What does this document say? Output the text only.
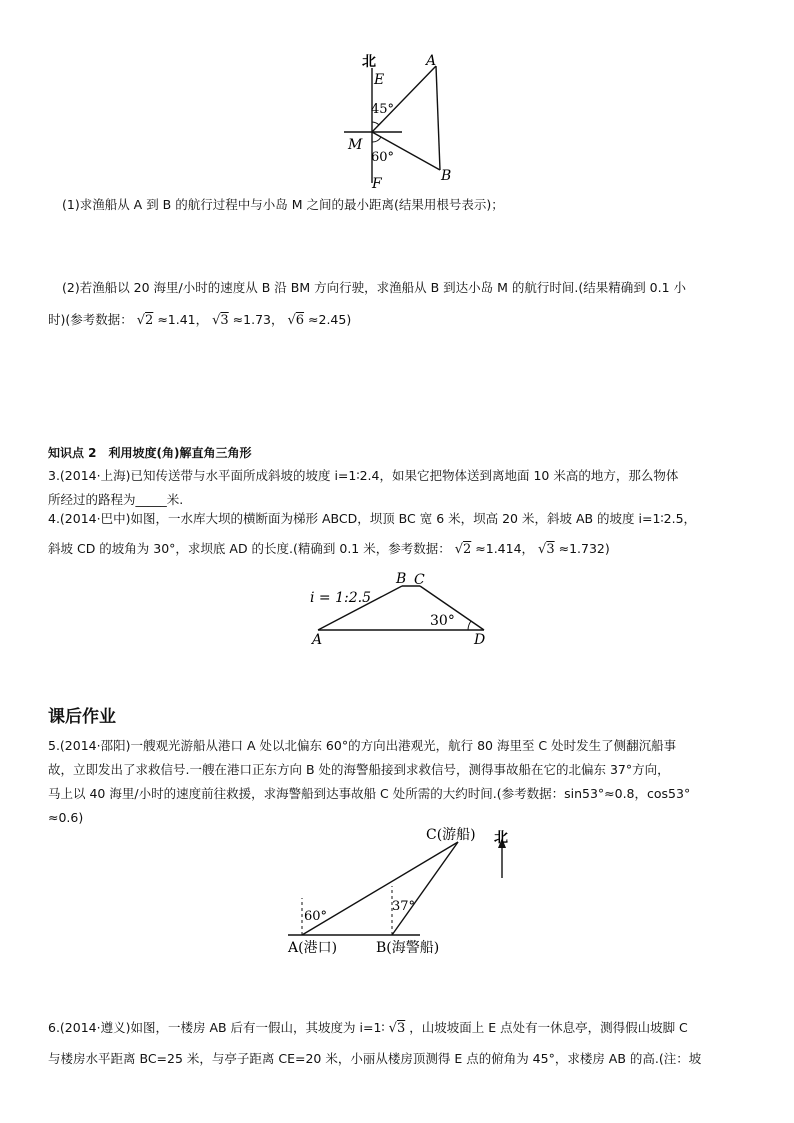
北
E
A
45°
M
60°
B
F
(1)求渔船从 A 到 B 的航行过程中与小岛 M 之间的最小距离(结果用根号表示)；
(2)若渔船以 20 海里/小时的速度从 B 沿 BM 方向行驶，求渔船从 B 到达小岛 M 的航行时间.(结果精确到 0.1 小
时)(参考数据： √2 ≈1.41， √3 ≈1.73， √6 ≈2.45)
知识点 2　利用坡度(角)解直角三角形
3.(2014·上海)已知传送带与水平面所成斜坡的坡度 i=1∶2.4，如果它把物体送到离地面 10 米高的地方，那么物体
所经过的路程为_____米.
4.(2014·巴中)如图，一水库大坝的横断面为梯形 ABCD，坝顶 BC 宽 6 米，坝高 20 米，斜坡 AB 的坡度 i=1∶2.5，
斜坡 CD 的坡角为 30°，求坝底 AD 的长度.(精确到 0.1 米，参考数据： √2 ≈1.414， √3 ≈1.732)
i = 1:2.5
B C
30°
A	D
课后作业
5.(2014·邵阳)一艘观光游船从港口 A 处以北偏东 60°的方向出港观光，航行 80 海里至 C 处时发生了侧翻沉船事
故，立即发出了求救信号.一艘在港口正东方向 B 处的海警船接到求救信号，测得事故船在它的北偏东 37°方向，
马上以 40 海里/小时的速度前往救援，求海警船到达事故船 C 处所需的大约时间.(参考数据：sin53°≈0.8，cos53°
≈0.6)
C(游船) 北
60°
37°
A(港口)	B(海警船)
6.(2014·遵义)如图，一楼房 AB 后有一假山，其坡度为 i=1∶ √3 ，山坡坡面上 E 点处有一休息亭，测得假山坡脚 C
与楼房水平距离 BC=25 米，与亭子距离 CE=20 米，小丽从楼房顶测得 E 点的俯角为 45°，求楼房 AB 的高.(注：坡
